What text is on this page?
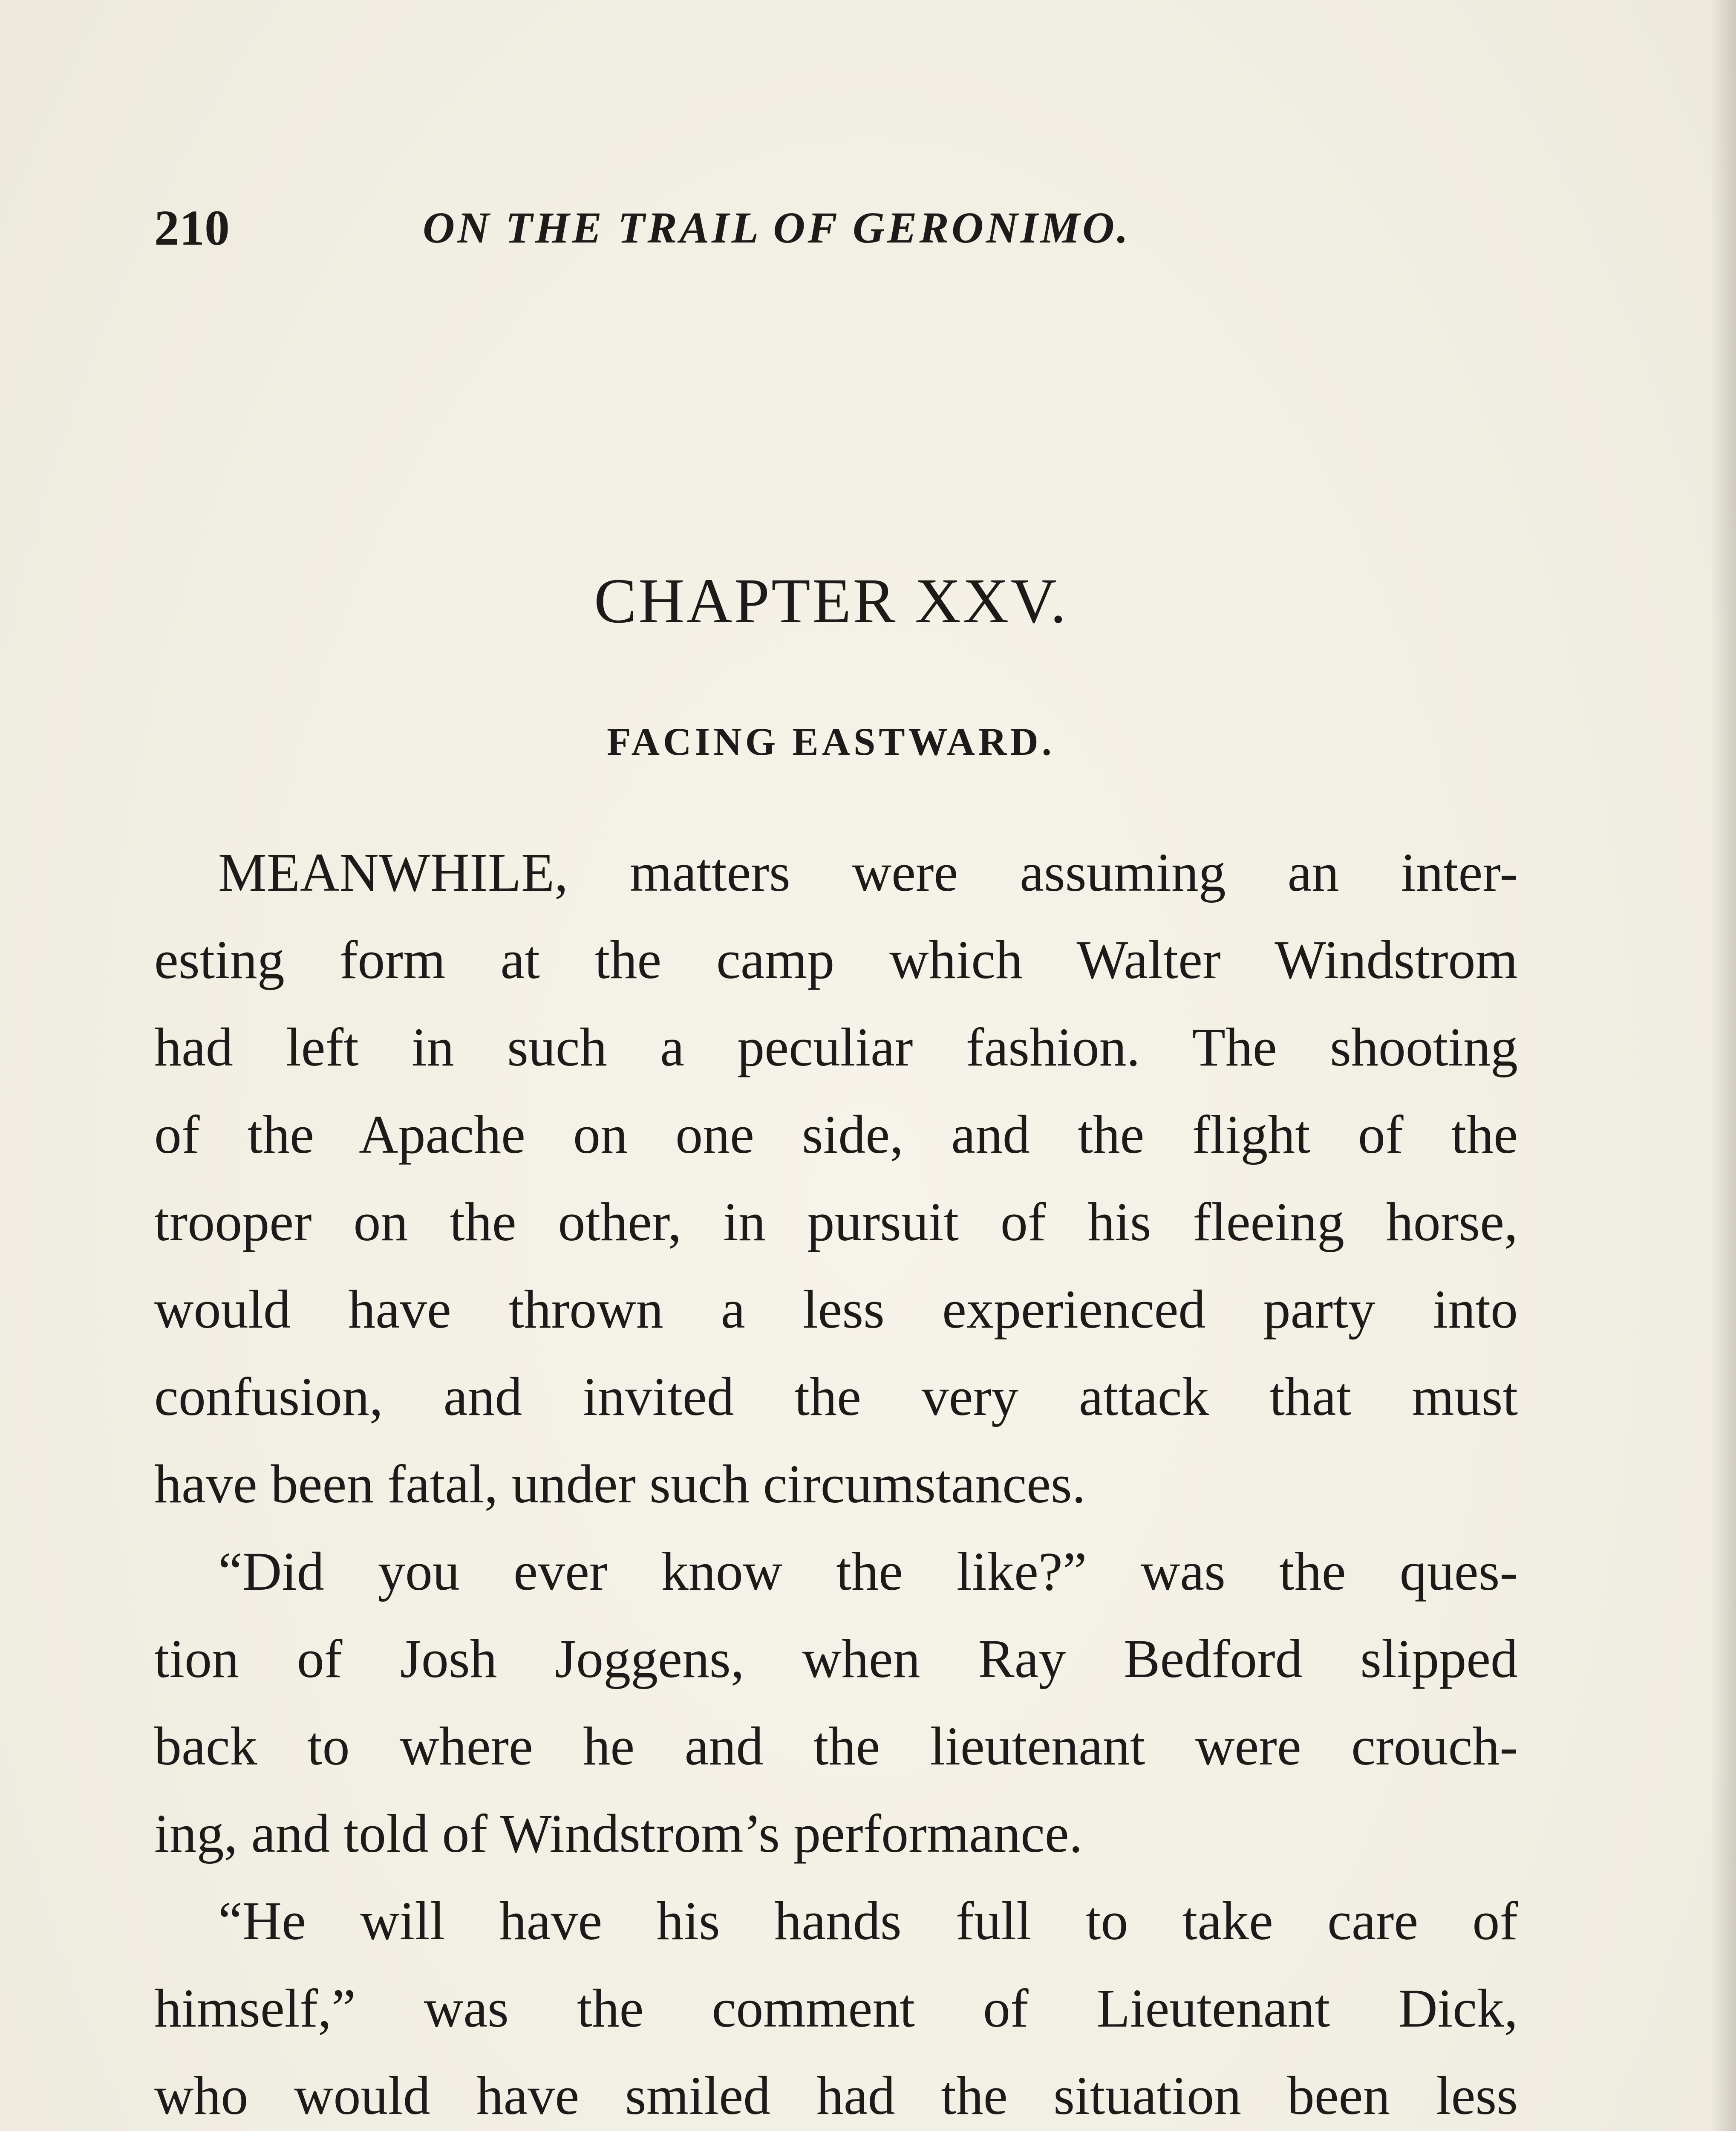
210	ON THE TRAIL OF GERONIMO.
CHAPTER XXV.
FACING EASTWARD.
MEANWHILE, matters were assuming an inter-
esting form at the camp which Walter Windstrom
had left in such a peculiar fashion. The shooting
of the Apache on one side, and the flight of the
trooper on the other, in pursuit of his fleeing horse,
would have thrown a less experienced party into
confusion, and invited the very attack that must
have been fatal, under such circumstances.
“Did you ever know the like?” was the ques-
tion of Josh Joggens, when Ray Bedford slipped
back to where he and the lieutenant were crouch-
ing, and told of Windstrom’s performance.
“He will have his hands full to take care of
himself,” was the comment of Lieutenant Dick,
who would have smiled had the situation been less
